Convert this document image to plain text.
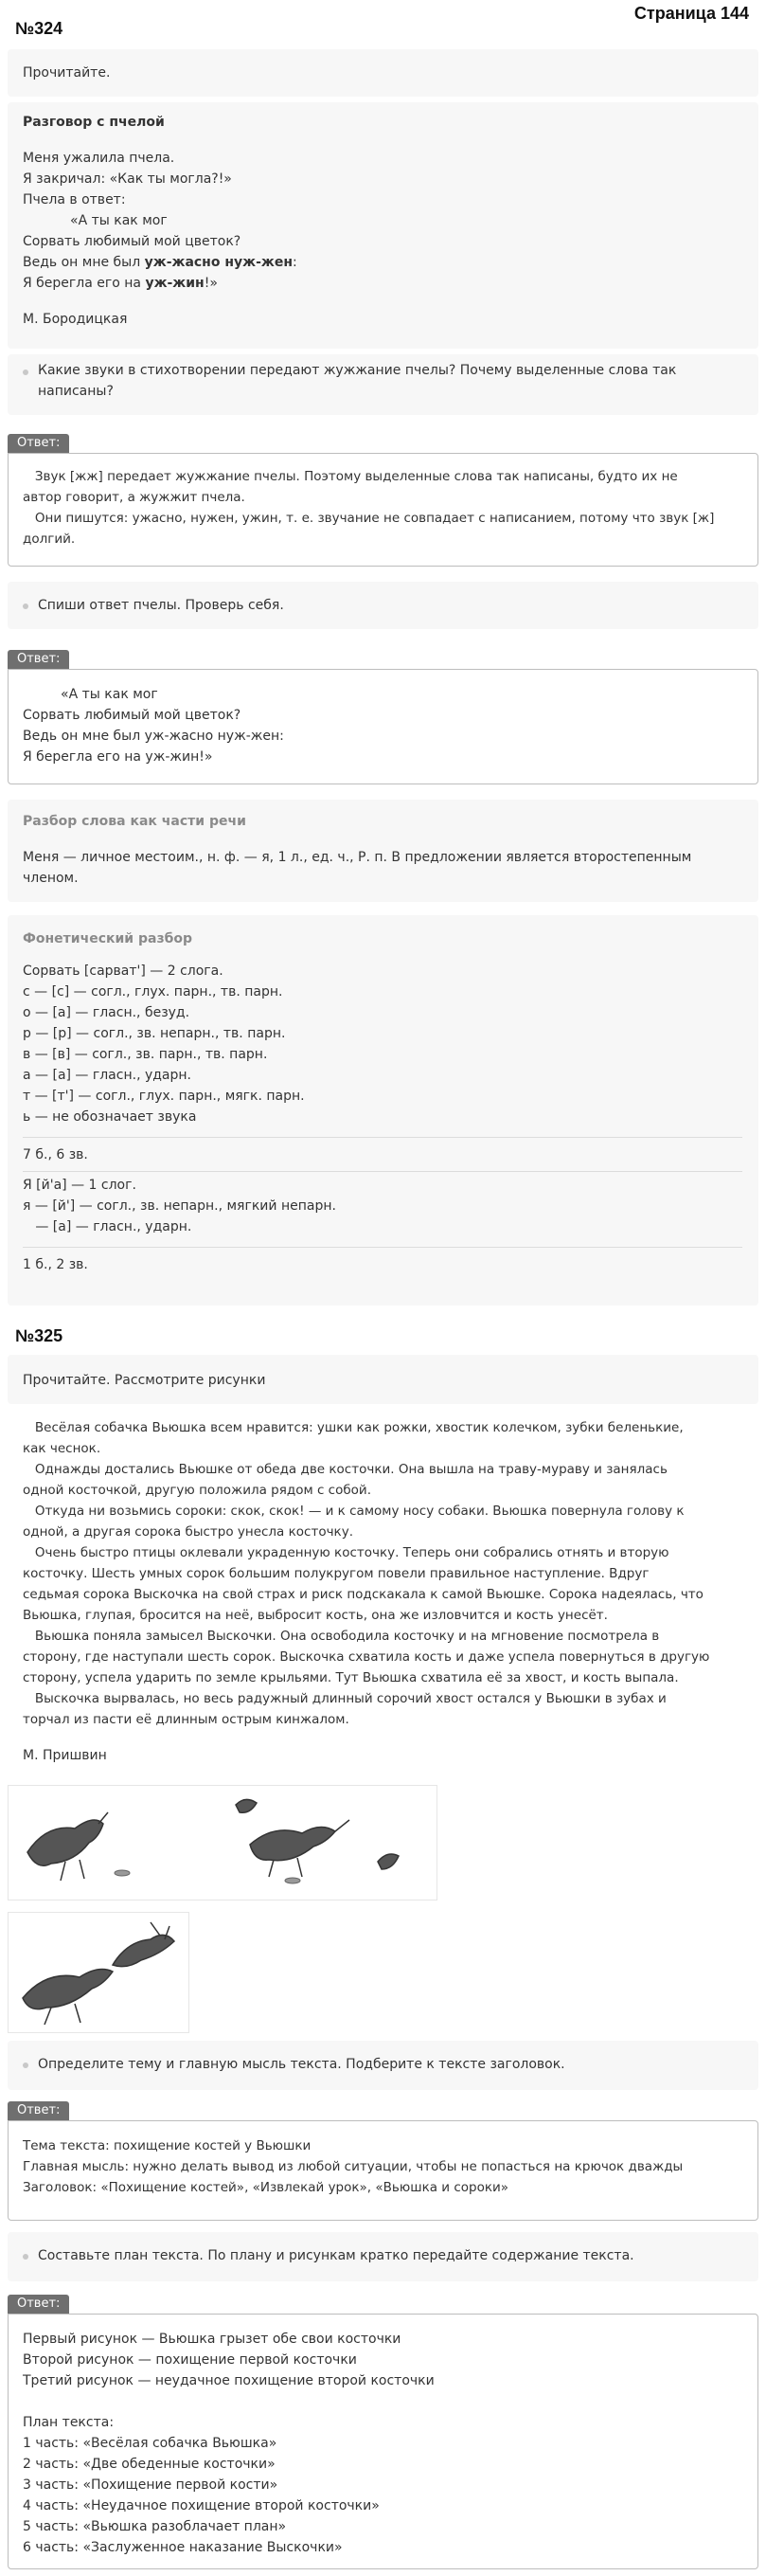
Страница 144
№324
Прочитайте.
Разговор с пчелой
Меня ужалила пчела.
Я закричал: «Как ты могла?!»
Пчела в ответ:
«А ты как мог
Сорвать любимый мой цветок?
Ведь он мне был уж-жасно нуж-жен:
Я берегла его на уж-жин!»
М. Бородицкая
Какие звуки в стихотворении передают жужжание пчелы? Почему выделенные слова так
написаны?
Ответ:
Звук [жж] передает жужжание пчелы. Поэтому выделенные слова так написаны, будто их не
автор говорит, а жужжит пчела.
Они пишутся: ужасно, нужен, ужин, т. е. звучание не совпадает с написанием, потому что звук [ж]
долгий.
Спиши ответ пчелы. Проверь себя.
Ответ:
«А ты как мог
Сорвать любимый мой цветок?
Ведь он мне был уж-жасно нуж-жен:
Я берегла его на уж-жин!»
Разбор слова как части речи
Меня — личное местоим., н. ф. — я, 1 л., ед. ч., Р. п. В предложении является второстепенным
членом.
Фонетический разбор
Сорвать [сарват'] — 2 слога.
с — [с] — согл., глух. парн., тв. парн.
о — [а] — гласн., безуд.
р — [р] — согл., зв. непарн., тв. парн.
в — [в] — согл., зв. парн., тв. парн.
а — [а] — гласн., ударн.
т — [т'] — согл., глух. парн., мягк. парн.
ь — не обозначает звука
7 б., 6 зв.
Я [й'а] — 1 слог.
я — [й'] — согл., зв. непарн., мягкий непарн.
— [а] — гласн., ударн.
1 б., 2 зв.
№325
Прочитайте. Рассмотрите рисунки
Весёлая собачка Вьюшка всем нравится: ушки как рожки, хвостик колечком, зубки беленькие,
как чеснок.
Однажды достались Вьюшке от обеда две косточки. Она вышла на траву-мураву и занялась
одной косточкой, другую положила рядом с собой.
Откуда ни возьмись сороки: скок, скок! — и к самому носу собаки. Вьюшка повернула голову к
одной, а другая сорока быстро унесла косточку.
Очень быстро птицы оклевали украденную косточку. Теперь они собрались отнять и вторую
косточку. Шесть умных сорок большим полукругом повели правильное наступление. Вдруг
седьмая сорока Выскочка на свой страх и риск подскакала к самой Вьюшке. Сорока надеялась, что
Вьюшка, глупая, бросится на неё, выбросит кость, она же изловчится и кость унесёт.
Вьюшка поняла замысел Выскочки. Она освободила косточку и на мгновение посмотрела в
сторону, где наступали шесть сорок. Выскочка схватила кость и даже успела повернуться в другую
сторону, успела ударить по земле крыльями. Тут Вьюшка схватила её за хвост, и кость выпала.
Выскочка вырвалась, но весь радужный длинный сорочий хвост остался у Вьюшки в зубах и
торчал из пасти её длинным острым кинжалом.
М. Пришвин
Определите тему и главную мысль текста. Подберите к тексте заголовок.
Ответ:
Тема текста: похищение костей у Вьюшки
Главная мысль: нужно делать вывод из любой ситуации, чтобы не попасться на крючок дважды
Заголовок: «Похищение костей», «Извлекай урок», «Вьюшка и сороки»
Составьте план текста. По плану и рисункам кратко передайте содержание текста.
Ответ:
Первый рисунок — Вьюшка грызет обе свои косточки
Второй рисунок — похищение первой косточки
Третий рисунок — неудачное похищение второй косточки

План текста:
1 часть: «Весёлая собачка Вьюшка»
2 часть: «Две обеденные косточки»
3 часть: «Похищение первой кости»
4 часть: «Неудачное похищение второй косточки»
5 часть: «Вьюшка разоблачает план»
6 часть: «Заслуженное наказание Выскочки»
